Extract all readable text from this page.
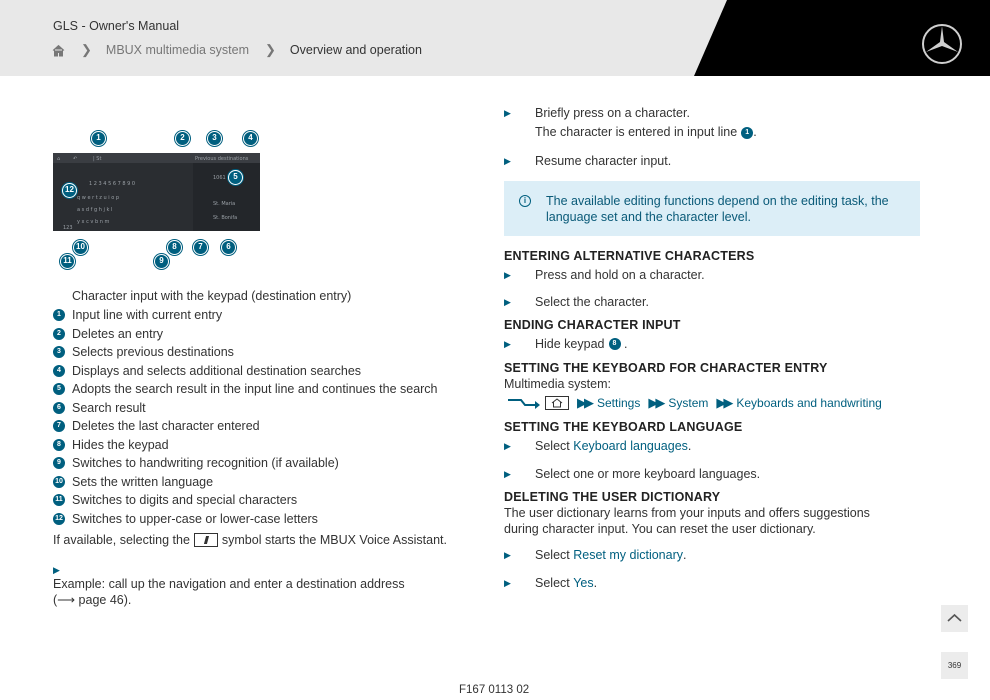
GLS - Owner's Manual
❯ MBUX multimedia system ❯ Overview and operation
⌂	↶	| St	Previous destinations
1 2 3 4 5 6 7 8 9 0
q w e r t z u i o p
a s d f g h j k l
y x c v b n m
123
1061
St. Maria
St. Bonifa
1	2	3	4
5
6
7
8
9
10
11
12
Character input with the keypad (destination entry)
1 Input line with current entry
2 Deletes an entry
3 Selects previous destinations
4 Displays and selects additional destination searches
5 Adopts the search result in the input line and continues the search
6 Search result
7 Deletes the last character entered
8 Hides the keypad
9 Switches to handwriting recognition (if available)
10 Sets the written language
11 Switches to digits and special characters
12 Switches to upper-case or lower-case letters
If available, selecting the	symbol starts the MBUX Voice Assistant.
▶Example: call up the navigation and enter a destination address
(⟶ page 46).
▶	Briefly press on a character.
The character is entered in input line 1 .
▶	Resume character input.
i	The available editing functions depend on the editing task, the language set and the character level.
ENTERING ALTERNATIVE CHARACTERS
▶	Press and hold on a character.
▶	Select the character.
ENDING CHARACTER INPUT
▶	Hide keypad	8 .
SETTING THE KEYBOARD FOR CHARACTER ENTRY
Multimedia system:
▶▶ Settings ▶▶ System ▶▶ Keyboards and handwriting
SETTING THE KEYBOARD LANGUAGE
▶	Select
Keyboard languages .
▶	Select one or more keyboard languages.
DELETING THE USER DICTIONARY
The user dictionary learns from your inputs and offers suggestions during character input. You can reset the user dictionary.
▶	Select
Reset my dictionary .
▶	Select
Yes .
369
F167 0113 02
